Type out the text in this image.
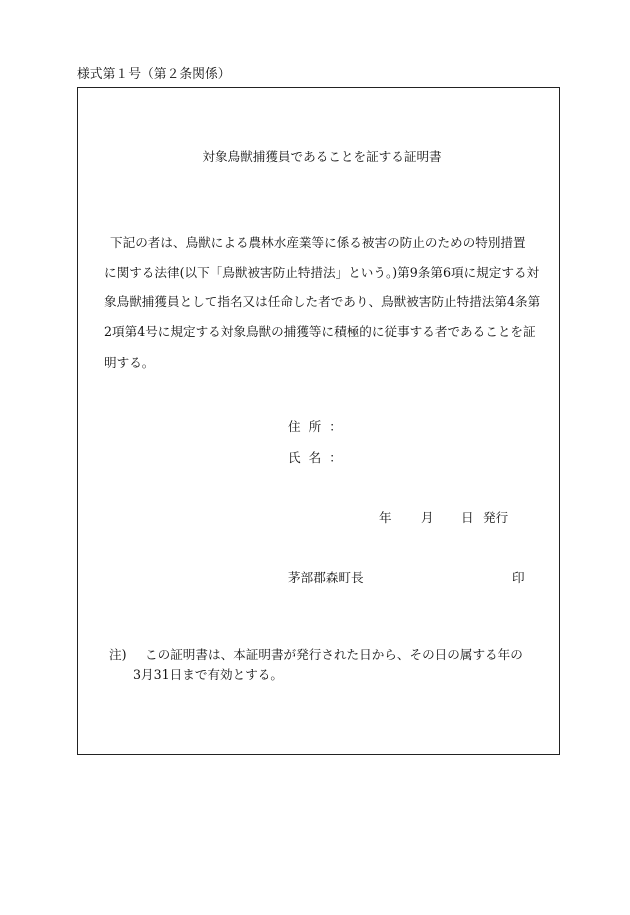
様式第１号（第２条関係）
対象鳥獣捕獲員であることを証する証明書
下記の者は、鳥獣による農林水産業等に係る被害の防止のための特別措置
に関する法律(以下「鳥獣被害防止特措法」という。)第9条第6項に規定する対
象鳥獣捕獲員として指名又は任命した者であり、鳥獣被害防止特措法第4条第
2項第4号に規定する対象鳥獣の捕獲等に積極的に従事する者であることを証
明する。
住 所 ：
氏 名 ：
年 月 日 発行
茅部郡森町長	印
注) この証明書は、本証明書が発行された日から、その日の属する年の
3月31日まで有効とする。
